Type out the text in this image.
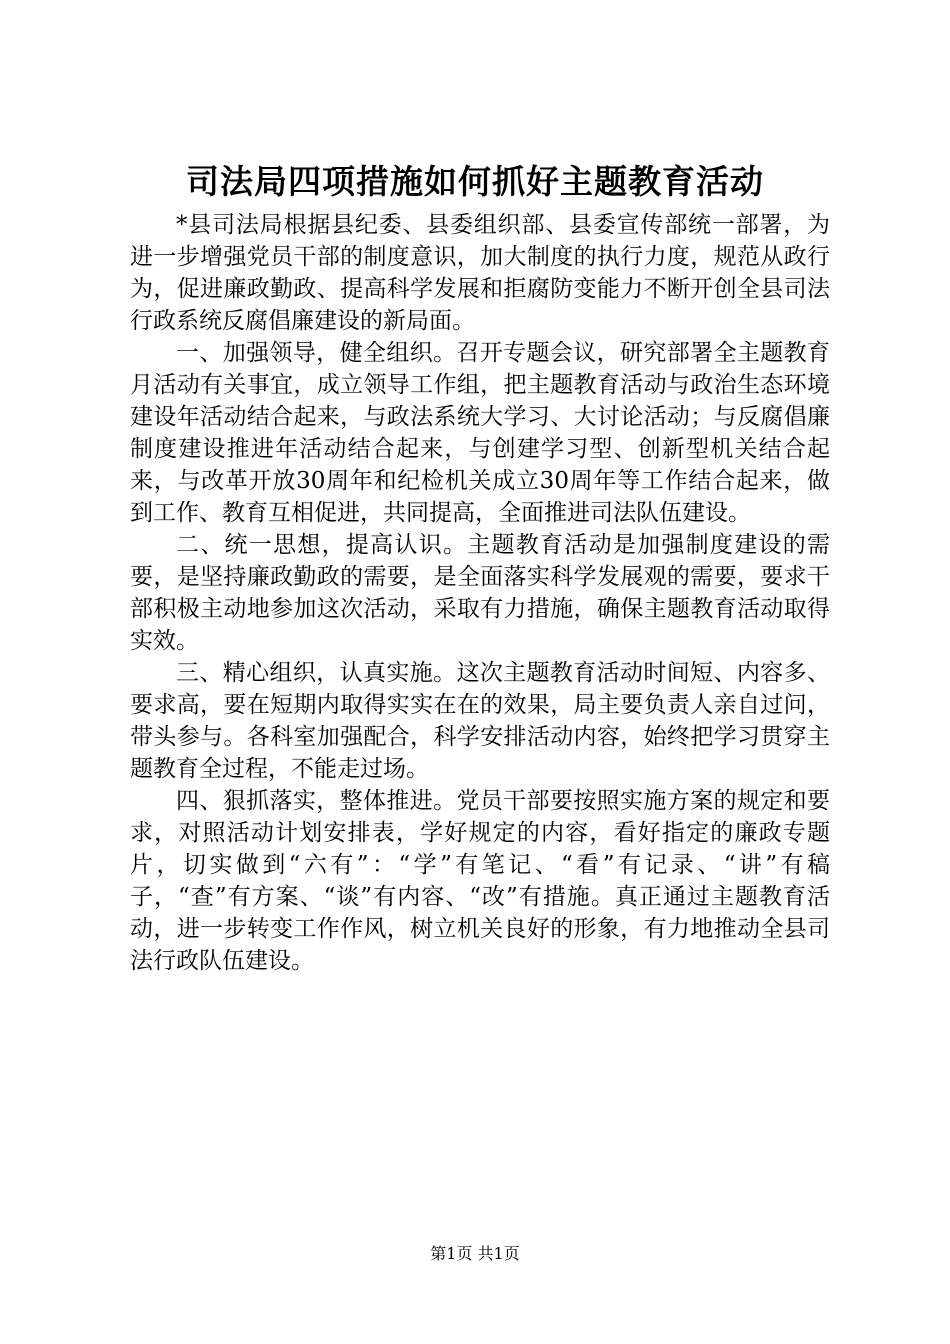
司法局四项措施如何抓好主题教育活动

*县司法局根据县纪委、县委组织部、县委宣传部统一部署，为进一步增强党员干部的制度意识，加大制度的执行力度，规范从政行为，促进廉政勤政、提高科学发展和拒腐防变能力不断开创全县司法行政系统反腐倡廉建设的新局面。

一、加强领导，健全组织。召开专题会议，研究部署全主题教育月活动有关事宜，成立领导工作组，把主题教育活动与政治生态环境建设年活动结合起来，与政法系统大学习、大讨论活动；与反腐倡廉制度建设推进年活动结合起来，与创建学习型、创新型机关结合起来，与改革开放30周年和纪检机关成立30周年等工作结合起来，做到工作、教育互相促进，共同提高，全面推进司法队伍建设。

二、统一思想，提高认识。主题教育活动是加强制度建设的需要，是坚持廉政勤政的需要，是全面落实科学发展观的需要，要求干部积极主动地参加这次活动，采取有力措施，确保主题教育活动取得实效。

三、精心组织，认真实施。这次主题教育活动时间短、内容多、要求高，要在短期内取得实实在在的效果，局主要负责人亲自过问，带头参与。各科室加强配合，科学安排活动内容，始终把学习贯穿主题教育全过程，不能走过场。

四、狠抓落实，整体推进。党员干部要按照实施方案的规定和要求，对照活动计划安排表，学好规定的内容，看好指定的廉政专题片，切实做到“六有”：“学”有笔记、“看”有记录、“讲”有稿子，“查”有方案、“谈”有内容、“改”有措施。真正通过主题教育活动，进一步转变工作作风，树立机关良好的形象，有力地推动全县司法行政队伍建设。

第1页 共1页
